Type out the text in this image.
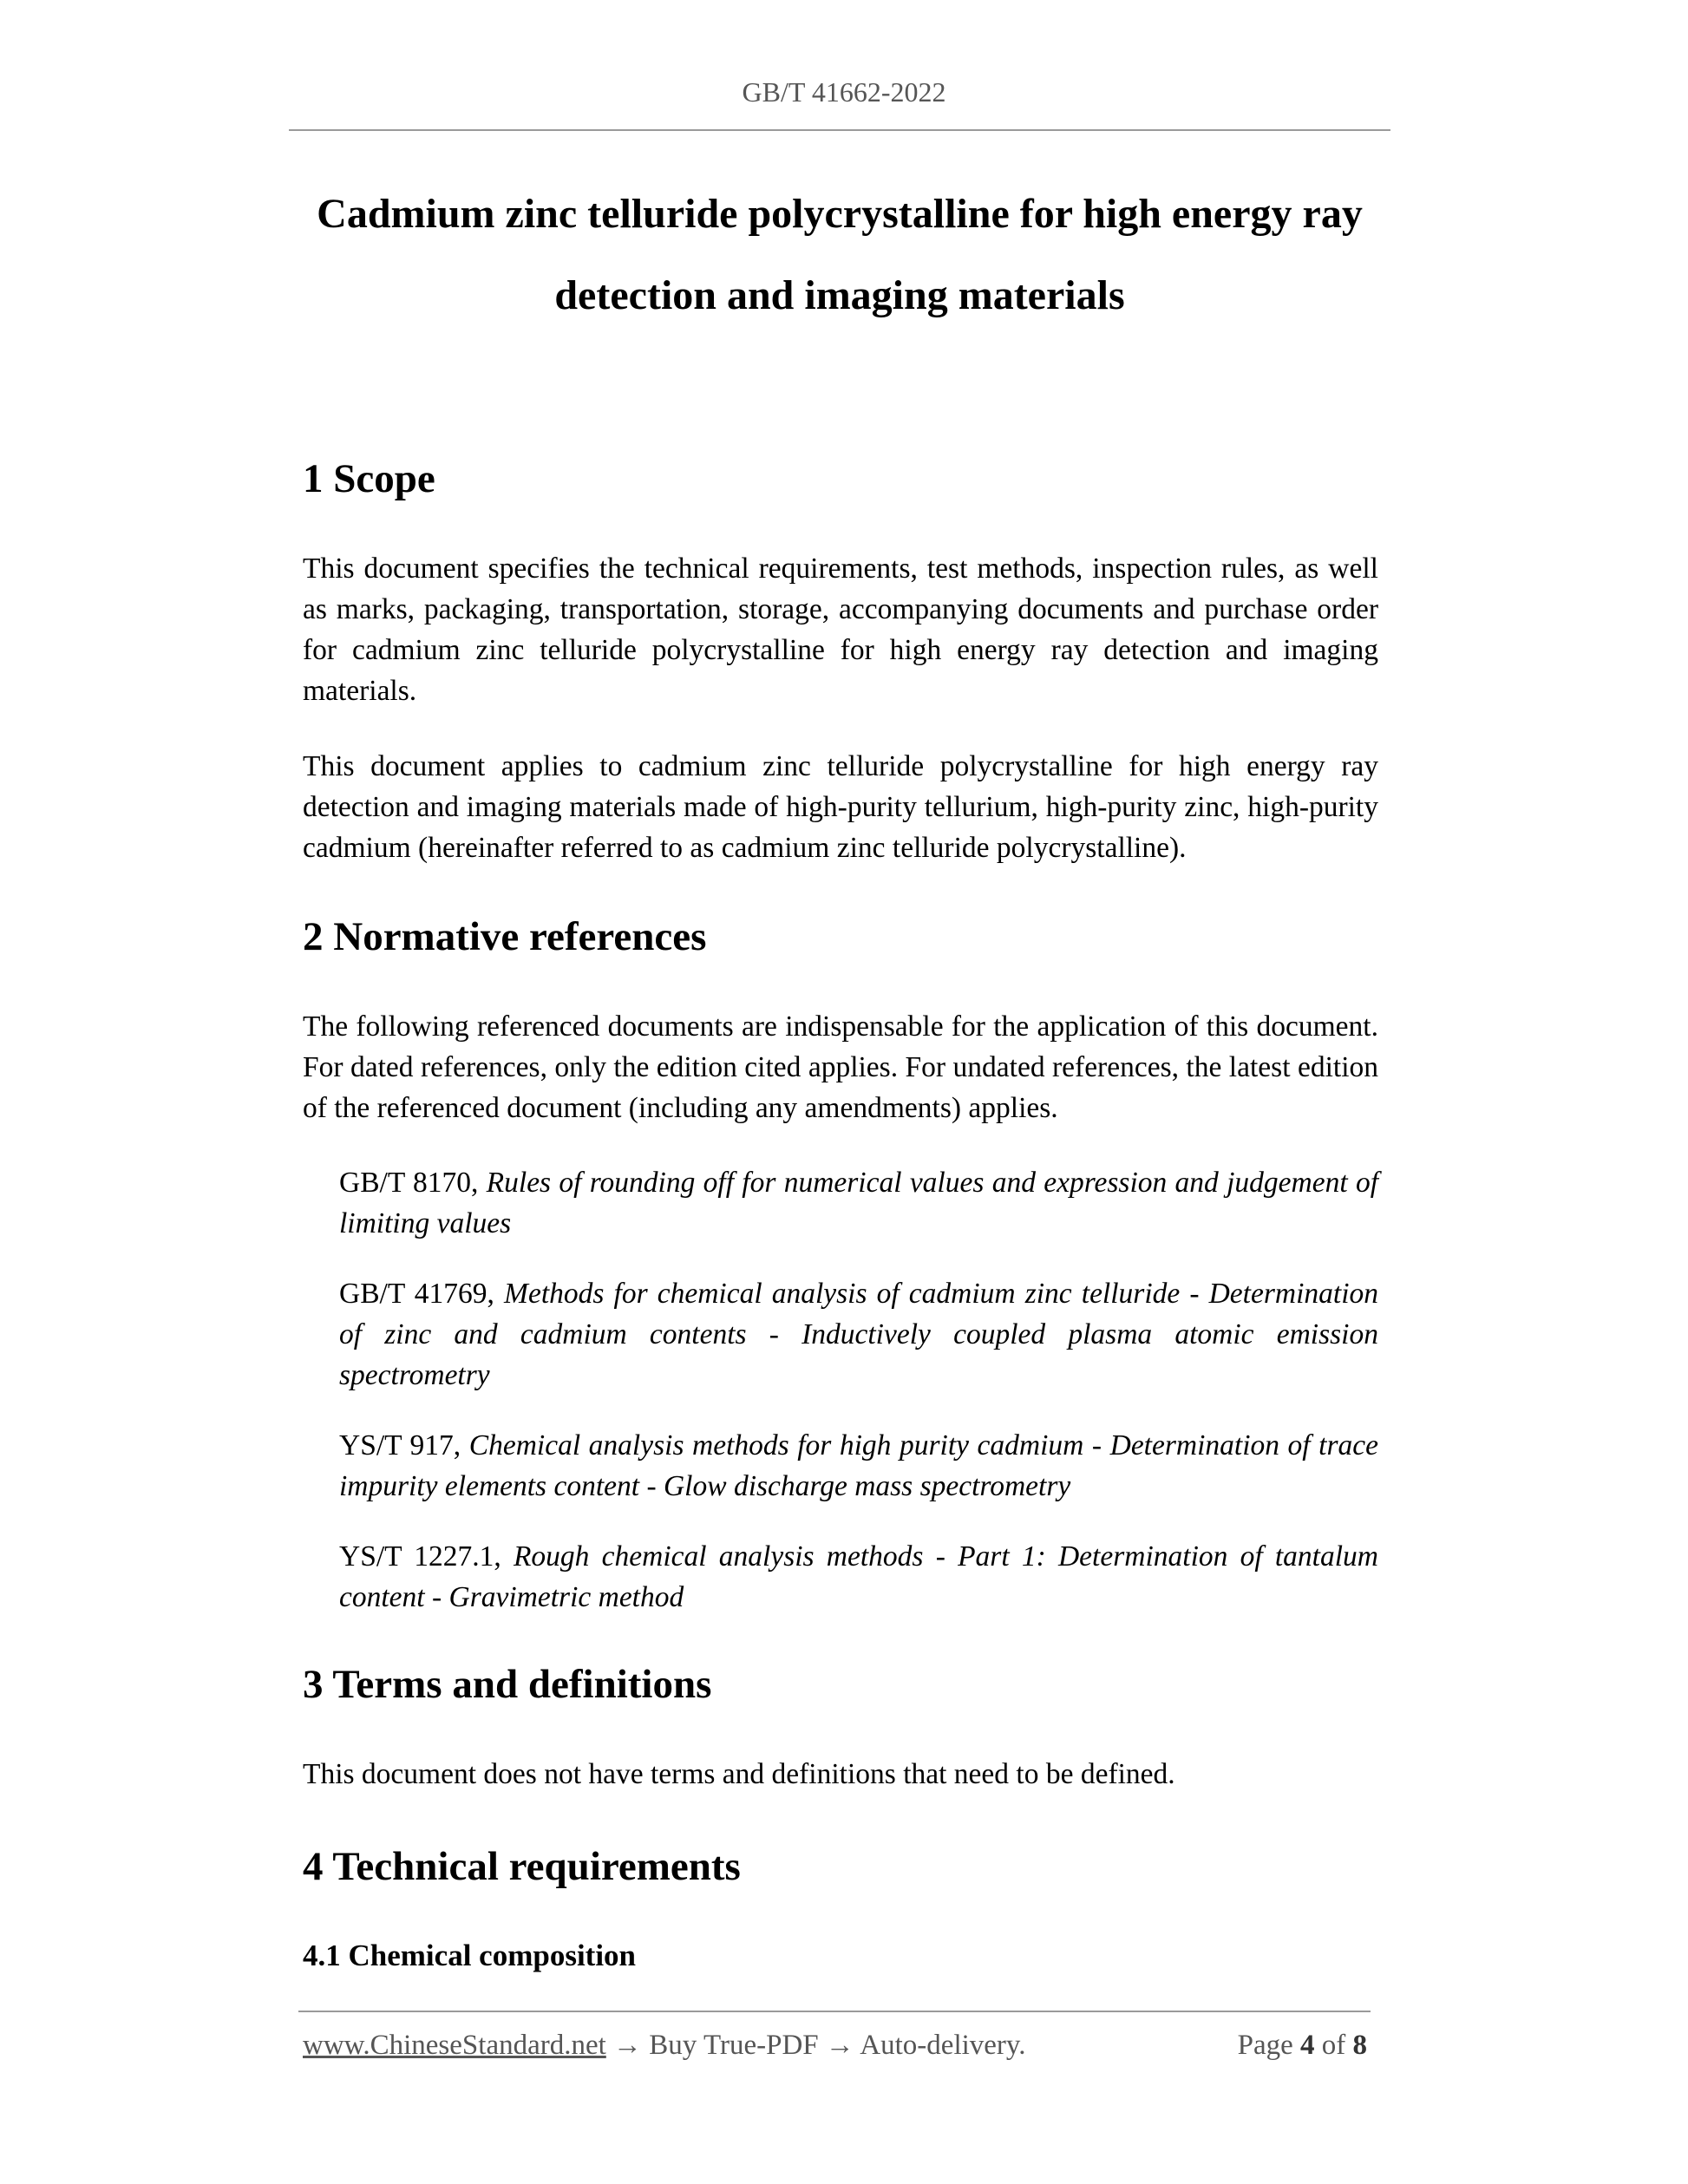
GB/T 41662-2022
Cadmium zinc telluride polycrystalline for high energy ray
detection and imaging materials
1 Scope

This document specifies the technical requirements, test methods, inspection rules, as well as marks, packaging, transportation, storage, accompanying documents and purchase order for cadmium zinc telluride polycrystalline for high energy ray detection and imaging materials.

This document applies to cadmium zinc telluride polycrystalline for high energy ray detection and imaging materials made of high-purity tellurium, high-purity zinc, high-purity cadmium (hereinafter referred to as cadmium zinc telluride polycrystalline).

2 Normative references

The following referenced documents are indispensable for the application of this document. For dated references, only the edition cited applies. For undated references, the latest edition of the referenced document (including any amendments) applies.

GB/T 8170, Rules of rounding off for numerical values and expression and judgement of limiting values

GB/T 41769, Methods for chemical analysis of cadmium zinc telluride - Determination of zinc and cadmium contents - Inductively coupled plasma atomic emission spectrometry

YS/T 917, Chemical analysis methods for high purity cadmium - Determination of trace impurity elements content - Glow discharge mass spectrometry

YS/T 1227.1, Rough chemical analysis methods - Part 1: Determination of tantalum content - Gravimetric method

3 Terms and definitions

This document does not have terms and definitions that need to be defined.

4 Technical requirements
4.1 Chemical composition
www.ChineseStandard.net → Buy True-PDF → Auto-delivery.	Page 4 of 8
